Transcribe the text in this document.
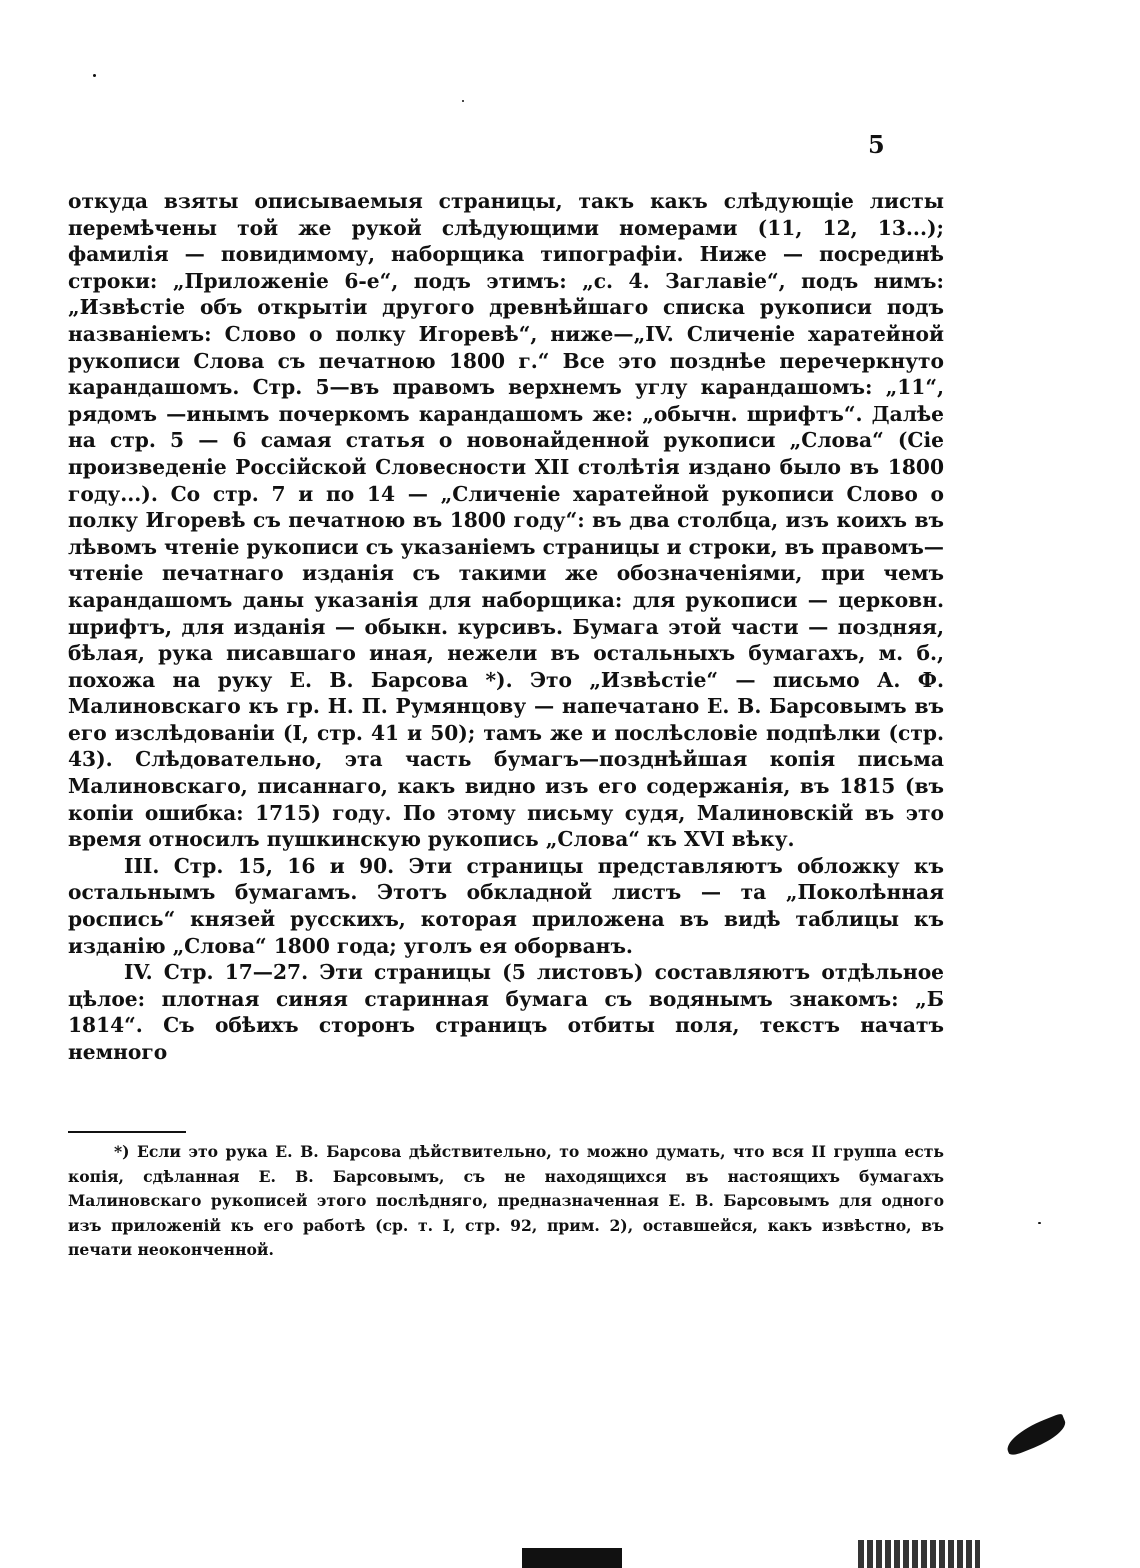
5

откуда взяты описываемыя страницы, такъ какъ слѣдующіе листы перемѣчены той же рукой слѣдующими номерами (11, 12, 13...); фамилія — повидимому, наборщика типографіи. Ниже — посрединѣ строки: „Приложеніе 6-е“, подъ этимъ: „с. 4. Заглавіе“, подъ нимъ: „Извѣстіе объ открытіи другого древнѣйшаго списка рукописи подъ названіемъ: Слово о полку Игоревѣ“, ниже—„IV. Сличеніе харатейной рукописи Слова съ печатною 1800 г.“ Все это позднѣе перечеркнуто карандашомъ. Стр. 5—въ правомъ верхнемъ углу карандашомъ: „11“, рядомъ —инымъ почеркомъ карандашомъ же: „обычн. шрифтъ“. Далѣе на стр. 5 — 6 самая статья о новонайденной рукописи „Слова“ (Сіе произведеніе Россійской Словесности XII столѣтія издано было въ 1800 году...). Со стр. 7 и по 14 — „Сличеніе харатейной рукописи Слово о полку Игоревѣ съ печатною въ 1800 году“: въ два столбца, изъ коихъ въ лѣвомъ чтеніе рукописи съ указаніемъ страницы и строки, въ правомъ—чтеніе печатнаго изданія съ такими же обозначеніями, при чемъ карандашомъ даны указанія для наборщика: для рукописи — церковн. шрифтъ, для изданія — обыкн. курсивъ. Бумага этой части — поздняя, бѣлая, рука писавшаго иная, нежели въ остальныхъ бумагахъ, м. б., похожа на руку Е. В. Барсова *). Это „Извѣстіе“ — письмо А. Ф. Малиновскаго къ гр. Н. П. Румянцову — напечатано Е. В. Барсовымъ въ его изслѣдованіи (I, стр. 41 и 50); тамъ же и послѣсловіе подпѣлки (стр. 43). Слѣдовательно, эта часть бумагъ—позднѣйшая копія письма Малиновскаго, писаннаго, какъ видно изъ его содержанія, въ 1815 (въ копіи ошибка: 1715) году. По этому письму судя, Малиновскій въ это время относилъ пушкинскую рукопись „Слова“ къ XVI вѣку.

III. Стр. 15, 16 и 90. Эти страницы представляютъ обложку къ остальнымъ бумагамъ. Этотъ обкладной листъ — та „Поколѣнная роспись“ князей русскихъ, которая приложена въ видѣ таблицы къ изданію „Слова“ 1800 года; уголъ ея оборванъ.

IV. Стр. 17—27. Эти страницы (5 листовъ) составляютъ отдѣльное цѣлое: плотная синяя старинная бумага съ водянымъ знакомъ: „Б 1814“. Съ обѣихъ сторонъ страницъ отбиты поля, текстъ начатъ немного

*) Если это рука Е. В. Барсова дѣйствительно, то можно думать, что вся II группа есть копія, сдѣланная Е. В. Барсовымъ, съ не находящихся въ настоящихъ бумагахъ Малиновскаго рукописей этого послѣдняго, предназначенная Е. В. Барсовымъ для одного изъ приложеній къ его работѣ (ср. т. I, стр. 92, прим. 2), оставшейся, какъ извѣстно, въ печати неоконченной.
